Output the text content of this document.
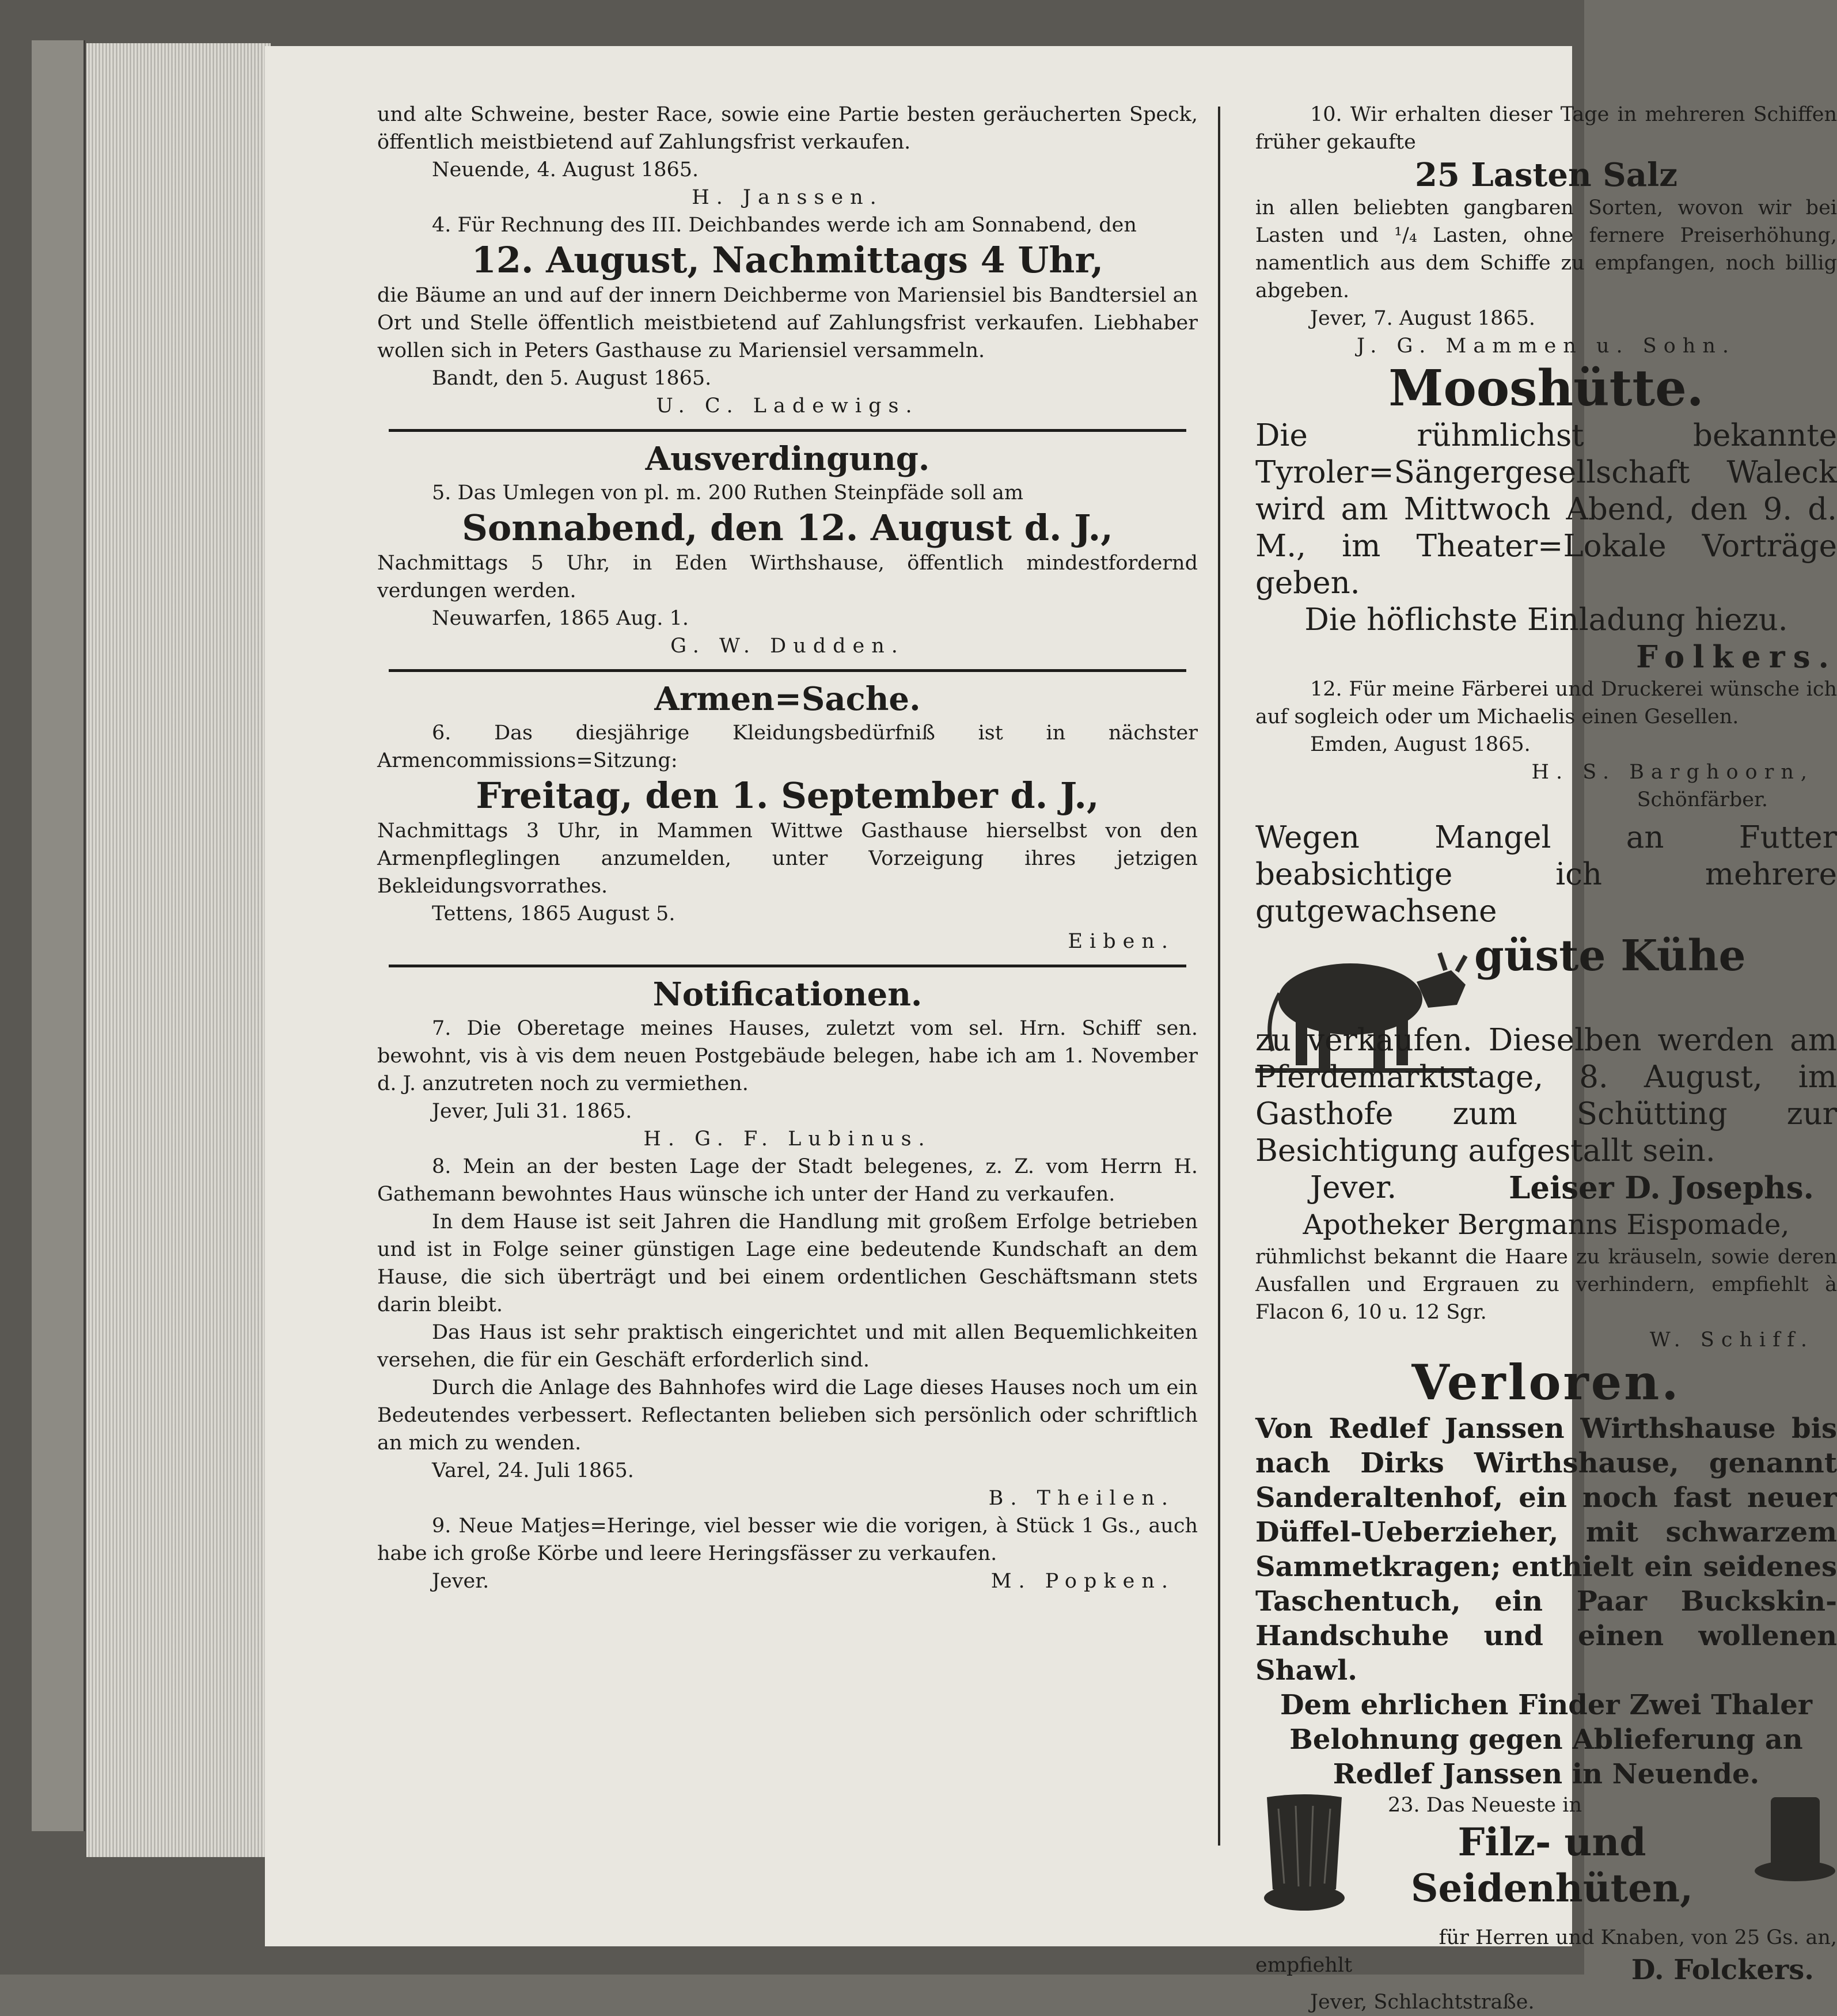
und alte Schweine, bester Race, sowie eine Partie besten geräucherten Speck, öffentlich meistbietend auf Zahlungsfrist verkaufen.

Neuende, 4. August 1865.
H. Janssen.

4. Für Rechnung des III. Deichbandes werde ich am Sonnabend, den

12. August, Nachmittags 4 Uhr,

die Bäume an und auf der innern Deichberme von Mariensiel bis Bandtersiel an Ort und Stelle öffentlich meistbietend auf Zahlungsfrist verkaufen. Liebhaber wollen sich in Peters Gasthause zu Mariensiel versammeln.

Bandt, den 5. August 1865.
U. C. Ladewigs.
Ausverdingung.

5. Das Umlegen von pl. m. 200 Ruthen Steinpfäde soll am

Sonnabend, den 12. August d. J.,

Nachmittags 5 Uhr, in Eden Wirthshause, öffentlich mindestfordernd verdungen werden.

Neuwarfen, 1865 Aug. 1.
G. W. Dudden.
Armen=Sache.

6. Das diesjährige Kleidungsbedürfniß ist in nächster Armencommissions=Sitzung:

Freitag, den 1. September d. J.,

Nachmittags 3 Uhr, in Mammen Wittwe Gasthause hierselbst von den Armenpfleglingen anzumelden, unter Vorzeigung ihres jetzigen Bekleidungsvorrathes.

Tettens, 1865 August 5.
Eiben.
Notificationen.

7. Die Oberetage meines Hauses, zuletzt vom sel. Hrn. Schiff sen. bewohnt, vis à vis dem neuen Postgebäude belegen, habe ich am 1. November d. J. anzutreten noch zu vermiethen.

Jever, Juli 31. 1865.
H. G. F. Lubinus.

8. Mein an der besten Lage der Stadt belegenes, z. Z. vom Herrn H. Gathemann bewohntes Haus wünsche ich unter der Hand zu verkaufen.

In dem Hause ist seit Jahren die Handlung mit großem Erfolge betrieben und ist in Folge seiner günstigen Lage eine bedeutende Kundschaft an dem Hause, die sich überträgt und bei einem ordentlichen Geschäftsmann stets darin bleibt.

Das Haus ist sehr praktisch eingerichtet und mit allen Bequemlichkeiten versehen, die für ein Geschäft erforderlich sind.

Durch die Anlage des Bahnhofes wird die Lage dieses Hauses noch um ein Bedeutendes verbessert. Reflectanten belieben sich persönlich oder schriftlich an mich zu wenden.

Varel, 24. Juli 1865.
B. Theilen.

9. Neue Matjes=Heringe, viel besser wie die vorigen, à Stück 1 Gs., auch habe ich große Körbe und leere Heringsfässer zu verkaufen.

Jever.	M. Popken.

10. Wir erhalten dieser Tage in mehreren Schiffen früher gekaufte

25 Lasten Salz

in allen beliebten gangbaren Sorten, wovon wir bei Lasten und ¹/₄ Lasten, ohne fernere Preiserhöhung, namentlich aus dem Schiffe zu empfangen, noch billig abgeben.

Jever, 7. August 1865.
J. G. Mammen u. Sohn.
Mooshütte.
Die rühmlichst bekannte Tyroler=Sängergesellschaft Waleck wird am Mittwoch Abend, den 9. d. M., im Theater=Lokale Vorträge geben.
Die höflichste Einladung hiezu.
Folkers.

12. Für meine Färberei und Druckerei wünsche ich auf sogleich oder um Michaelis einen Gesellen.

Emden, August 1865.
H. S. Barghoorn,
Schönfärber.
Wegen Mangel an Futter beabsichtige ich mehrere gutgewachsene
güste Kühe
zu verkaufen. Dieselben werden am Pferdemarktstage, 8. August, im Gasthofe zum Schütting zur Besichtigung aufgestallt sein.
Jever.	Leiser D. Josephs.
Apotheker Bergmanns Eispomade,

rühmlichst bekannt die Haare zu kräuseln, sowie deren Ausfallen und Ergrauen zu verhindern, empfiehlt à Flacon 6, 10 u. 12 Sgr.

W. Schiff.
Verloren.
Von Redlef Janssen Wirthshause bis nach Dirks Wirthshause, genannt Sanderaltenhof, ein noch fast neuer Düffel-Ueberzieher, mit schwarzem Sammetkragen; enthielt ein seidenes Taschentuch, ein Paar Buckskin-Handschuhe und einen wollenen Shawl.
Dem ehrlichen Finder Zwei Thaler Belohnung gegen Ablieferung an Redlef Janssen in Neuende.
23. Das Neueste in
Filz- und Seidenhüten,

für Herren und Knaben, von 25 Gs. an,

empfiehlt	D. Folckers.
Jever, Schlachtstraße.
